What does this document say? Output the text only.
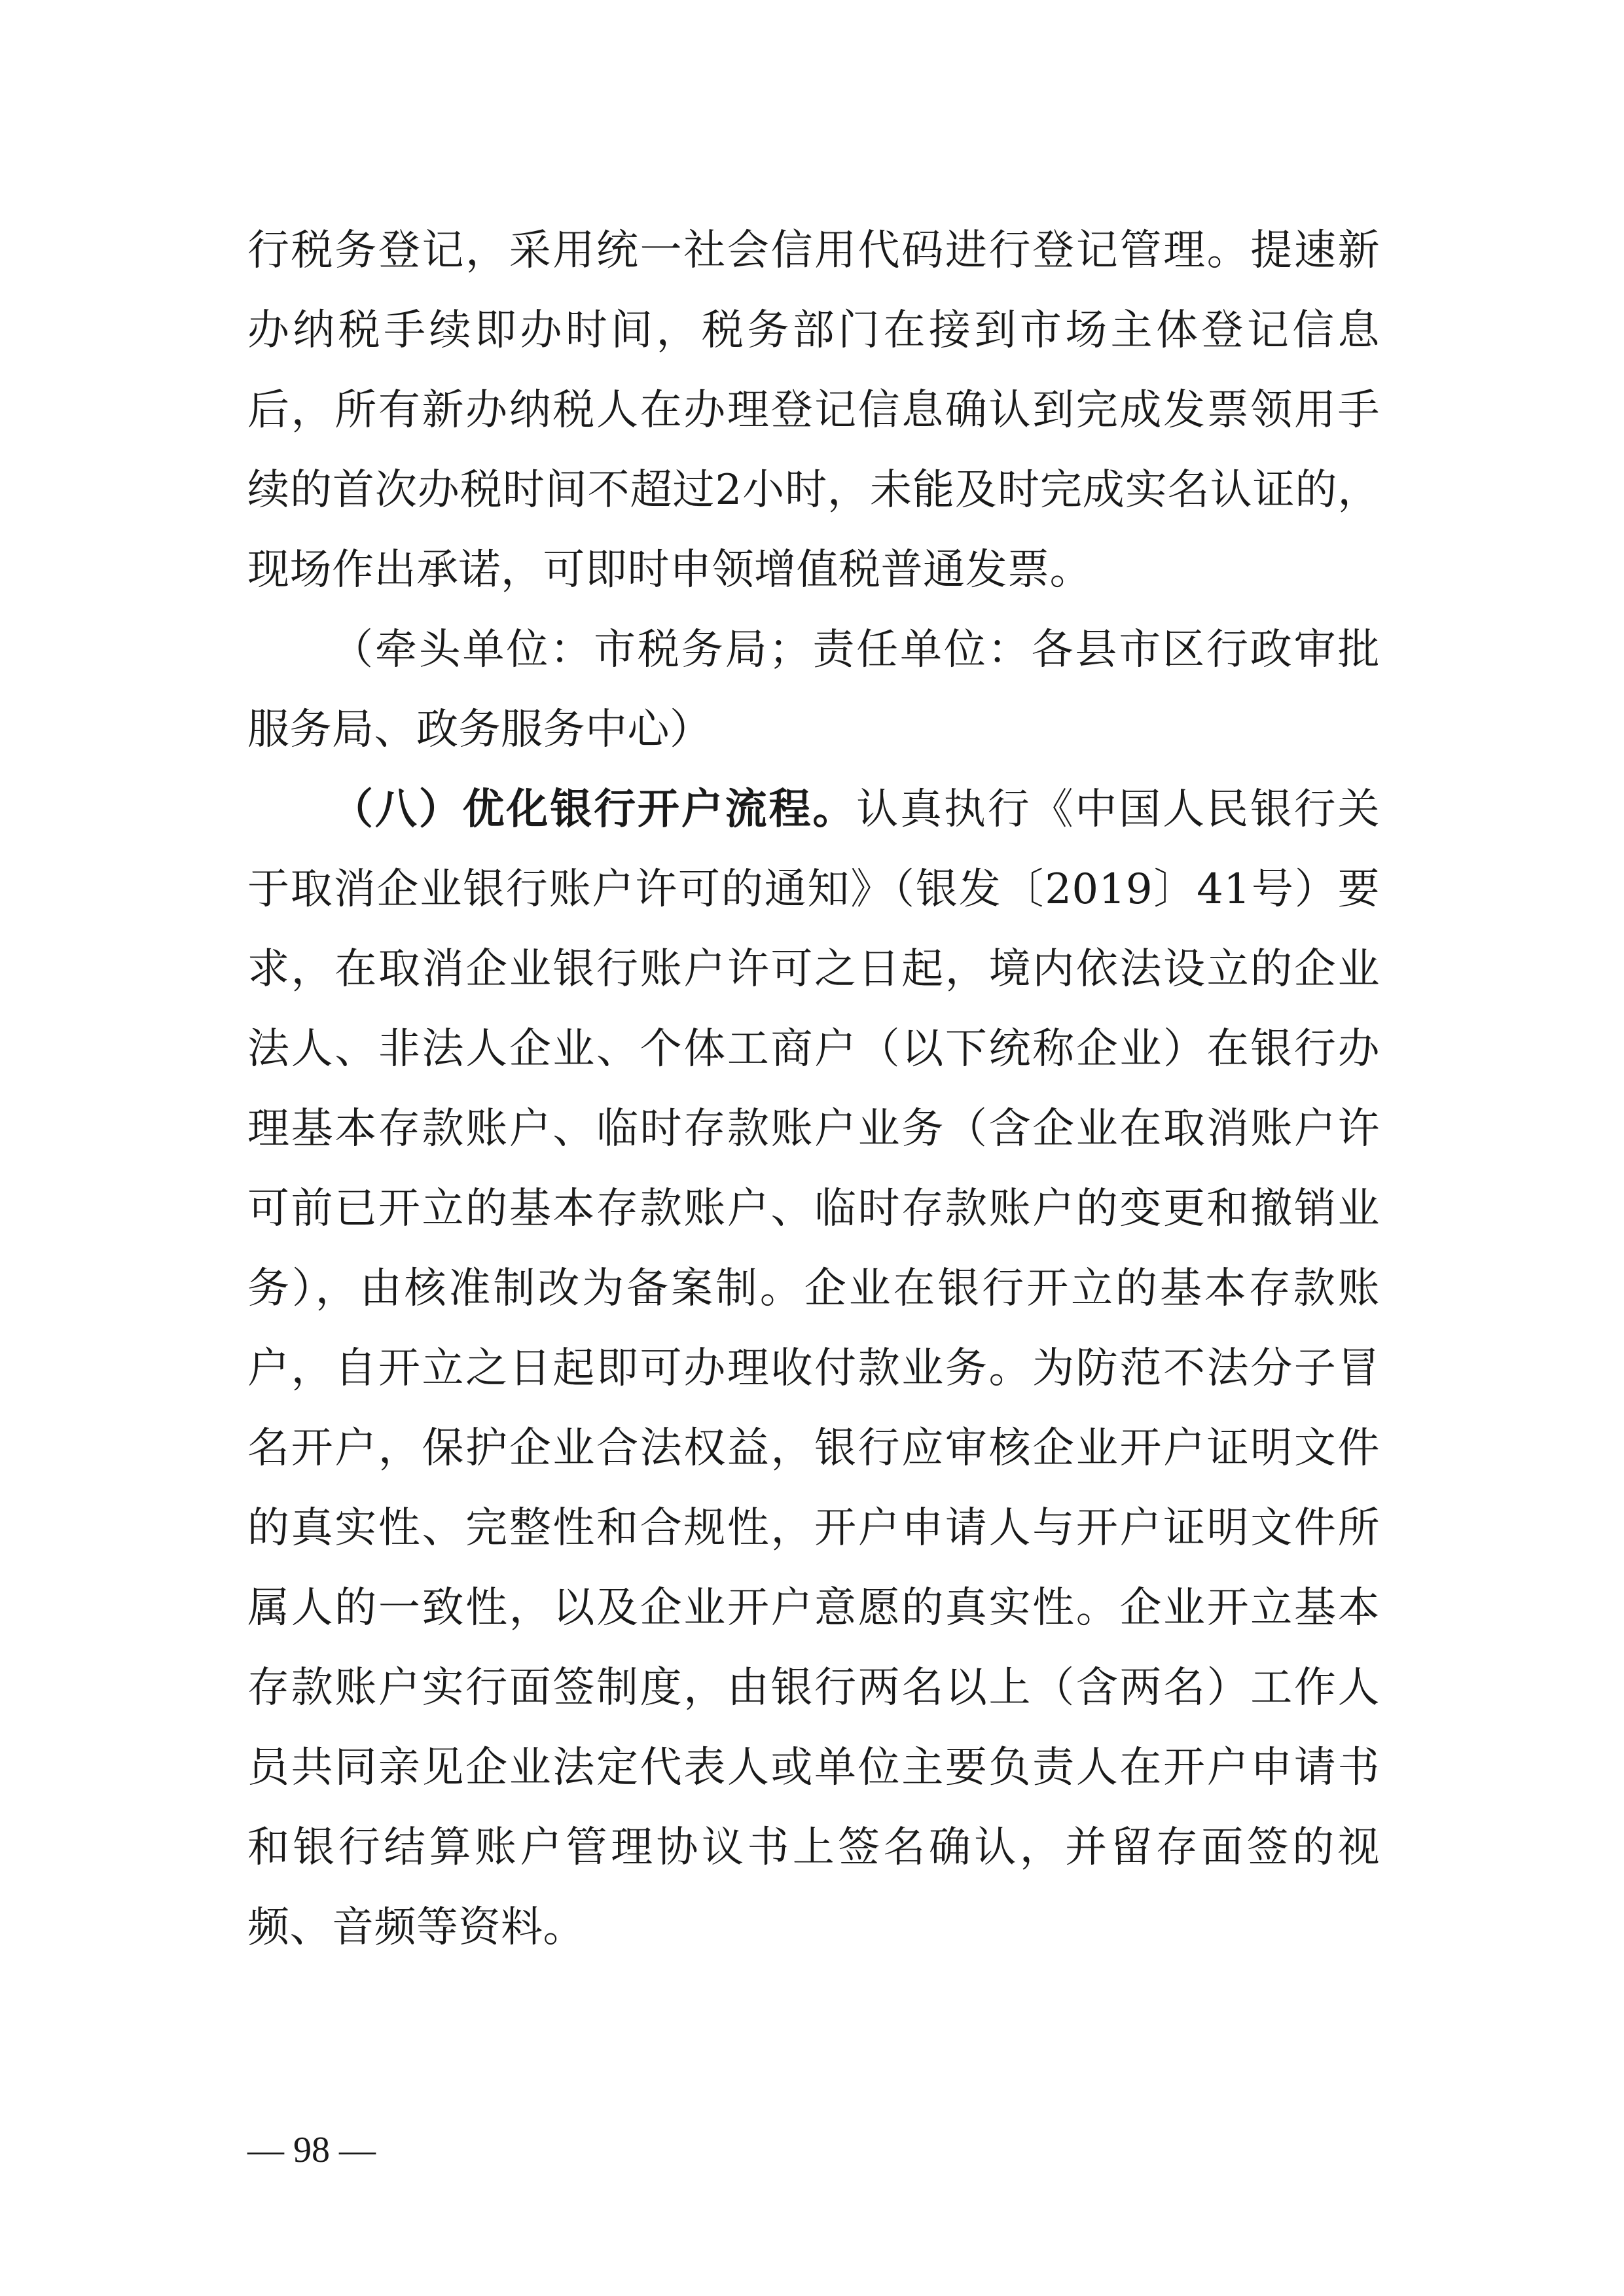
行税务登记，采用统一社会信用代码进行登记管理。提速新办纳税手续即办时间，税务部门在接到市场主体登记信息后，所有新办纳税人在办理登记信息确认到完成发票领用手续的首次办税时间不超过2小时，未能及时完成实名认证的，现场作出承诺，可即时申领增值税普通发票。

（牵头单位：市税务局；责任单位：各县市区行政审批服务局、政务服务中心）

（八）优化银行开户流程。认真执行《中国人民银行关于取消企业银行账户许可的通知》（银发〔2019〕41号）要求，在取消企业银行账户许可之日起，境内依法设立的企业法人、非法人企业、个体工商户（以下统称企业）在银行办理基本存款账户、临时存款账户业务（含企业在取消账户许可前已开立的基本存款账户、临时存款账户的变更和撤销业务），由核准制改为备案制。企业在银行开立的基本存款账户，自开立之日起即可办理收付款业务。为防范不法分子冒名开户，保护企业合法权益，银行应审核企业开户证明文件的真实性、完整性和合规性，开户申请人与开户证明文件所属人的一致性，以及企业开户意愿的真实性。企业开立基本存款账户实行面签制度，由银行两名以上（含两名）工作人员共同亲见企业法定代表人或单位主要负责人在开户申请书和银行结算账户管理协议书上签名确认，并留存面签的视频、音频等资料。

— 98 —
